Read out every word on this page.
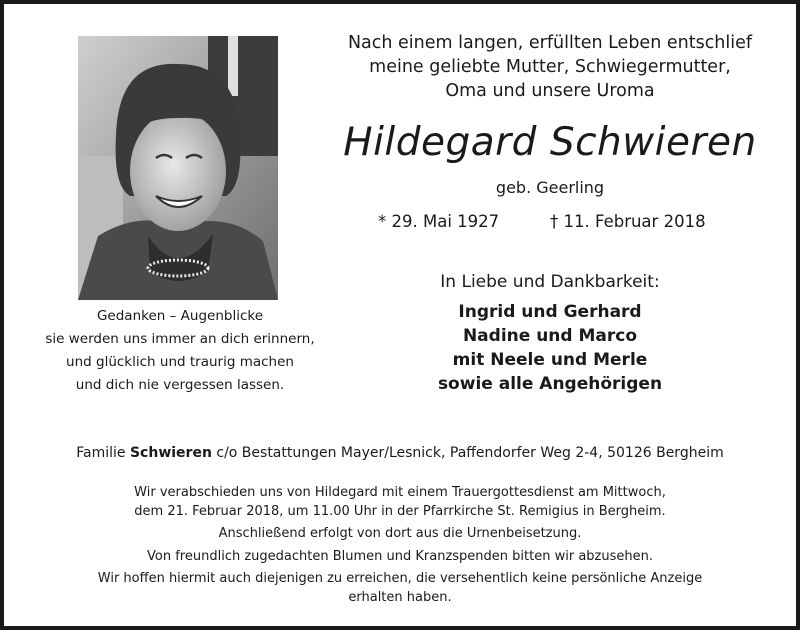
Gedanken – Augenblicke
sie werden uns immer an dich erinnern,
und glücklich und traurig machen
und dich nie vergessen lassen.
Nach einem langen, erfüllten Leben entschlief
meine geliebte Mutter, Schwiegermutter,
Oma und unsere Uroma
Hildegard Schwieren
geb. Geerling
* 29. Mai 1927	† 11. Februar 2018
In Liebe und Dankbarkeit:
Ingrid und Gerhard
Nadine und Marco
mit Neele und Merle
sowie alle Angehörigen
Familie Schwieren c/o Bestattungen Mayer/Lesnick, Paffendorfer Weg 2-4, 50126 Bergheim

Wir verabschieden uns von Hildegard mit einem Trauergottesdienst am Mittwoch,
dem 21. Februar 2018, um 11.00 Uhr in der Pfarrkirche St. Remigius in Bergheim.

Anschließend erfolgt von dort aus die Urnenbeisetzung.

Von freundlich zugedachten Blumen und Kranzspenden bitten wir abzusehen.

Wir hoffen hiermit auch diejenigen zu erreichen, die versehentlich keine persönliche Anzeige
erhalten haben.
